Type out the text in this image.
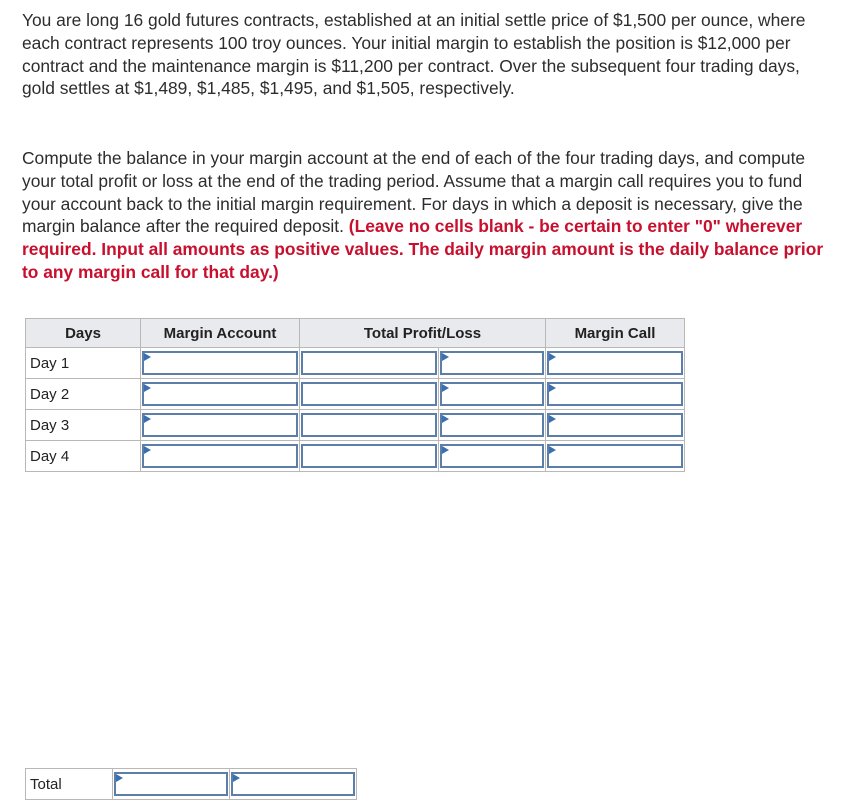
You are long 16 gold futures contracts, established at an initial settle price of $1,500 per ounce, where each contract represents 100 troy ounces. Your initial margin to establish the position is $12,000 per contract and the maintenance margin is $11,200 per contract. Over the subsequent four trading days, gold settles at $1,489, $1,485, $1,495, and $1,505, respectively.

Compute the balance in your margin account at the end of each of the four trading days, and compute your total profit or loss at the end of the trading period. Assume that a margin call requires you to fund your account back to the initial margin requirement. For days in which a deposit is necessary, give the margin balance after the required deposit. (Leave no cells blank - be certain to enter "0" wherever required. Input all amounts as positive values. The daily margin amount is the daily balance prior to any margin call for that day.)

Days	Margin Account	Total Profit/Loss		Margin Call
Day 1	

Day 2	

Day 3	

Day 4	

Total	
